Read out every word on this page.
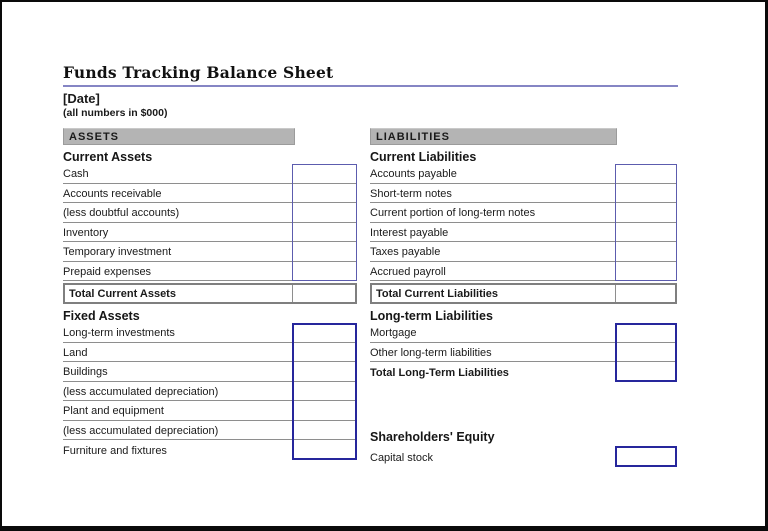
Funds Tracking Balance Sheet
[Date]
(all numbers in $000)
ASSETS
Current Assets
Cash
Accounts receivable
(less doubtful accounts)
Inventory
Temporary investment
Prepaid expenses
Total Current Assets
Fixed Assets
Long-term investments
Land
Buildings
(less accumulated depreciation)
Plant and equipment
(less accumulated depreciation)
Furniture and fixtures
LIABILITIES
Current Liabilities
Accounts payable
Short-term notes
Current portion of long-term notes
Interest payable
Taxes payable
Accrued payroll
Total Current Liabilities
Long-term Liabilities
Mortgage
Other long-term liabilities
Total Long-Term Liabilities
Shareholders' Equity
Capital stock
